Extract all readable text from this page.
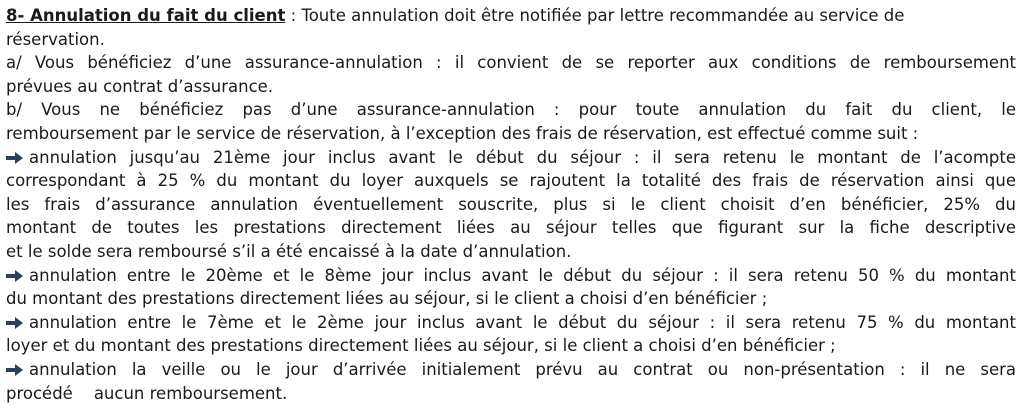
8- Annulation du fait du client : Toute annulation doit être notifiée par lettre recommandée au service de
réservation.
a/ Vous bénéficiez d’une assurance-annulation : il convient de se reporter aux conditions de remboursement
prévues au contrat d’assurance.
b/ Vous ne bénéficiez pas d’une assurance-annulation : pour toute annulation du fait du client, le
remboursement par le service de réservation, à l’exception des frais de réservation, est effectué comme suit :
annulation jusqu’au 21ème jour inclus avant le début du séjour : il sera retenu le montant de l’acompte
correspondant à 25 % du montant du loyer auxquels se rajoutent la totalité des frais de réservation ainsi que
les frais d’assurance annulation éventuellement souscrite, plus si le client choisit d’en bénéficier, 25% du
montant de toutes les prestations directement liées au séjour telles que figurant sur la fiche descriptive
et le solde sera remboursé s’il a été encaissé à la date d’annulation.
annulation entre le 20ème et le 8ème jour inclus avant le début du séjour : il sera retenu 50 % du montant
du montant des prestations directement liées au séjour, si le client a choisi d’en bénéficier ;
annulation entre le 7ème et le 2ème jour inclus avant le début du séjour : il sera retenu 75 % du montant
loyer et du montant des prestations directement liées au séjour, si le client a choisi d’en bénéficier ;
annulation la veille ou le jour d’arrivée initialement prévu au contrat ou non-présentation : il ne sera
procédé    aucun remboursement.
